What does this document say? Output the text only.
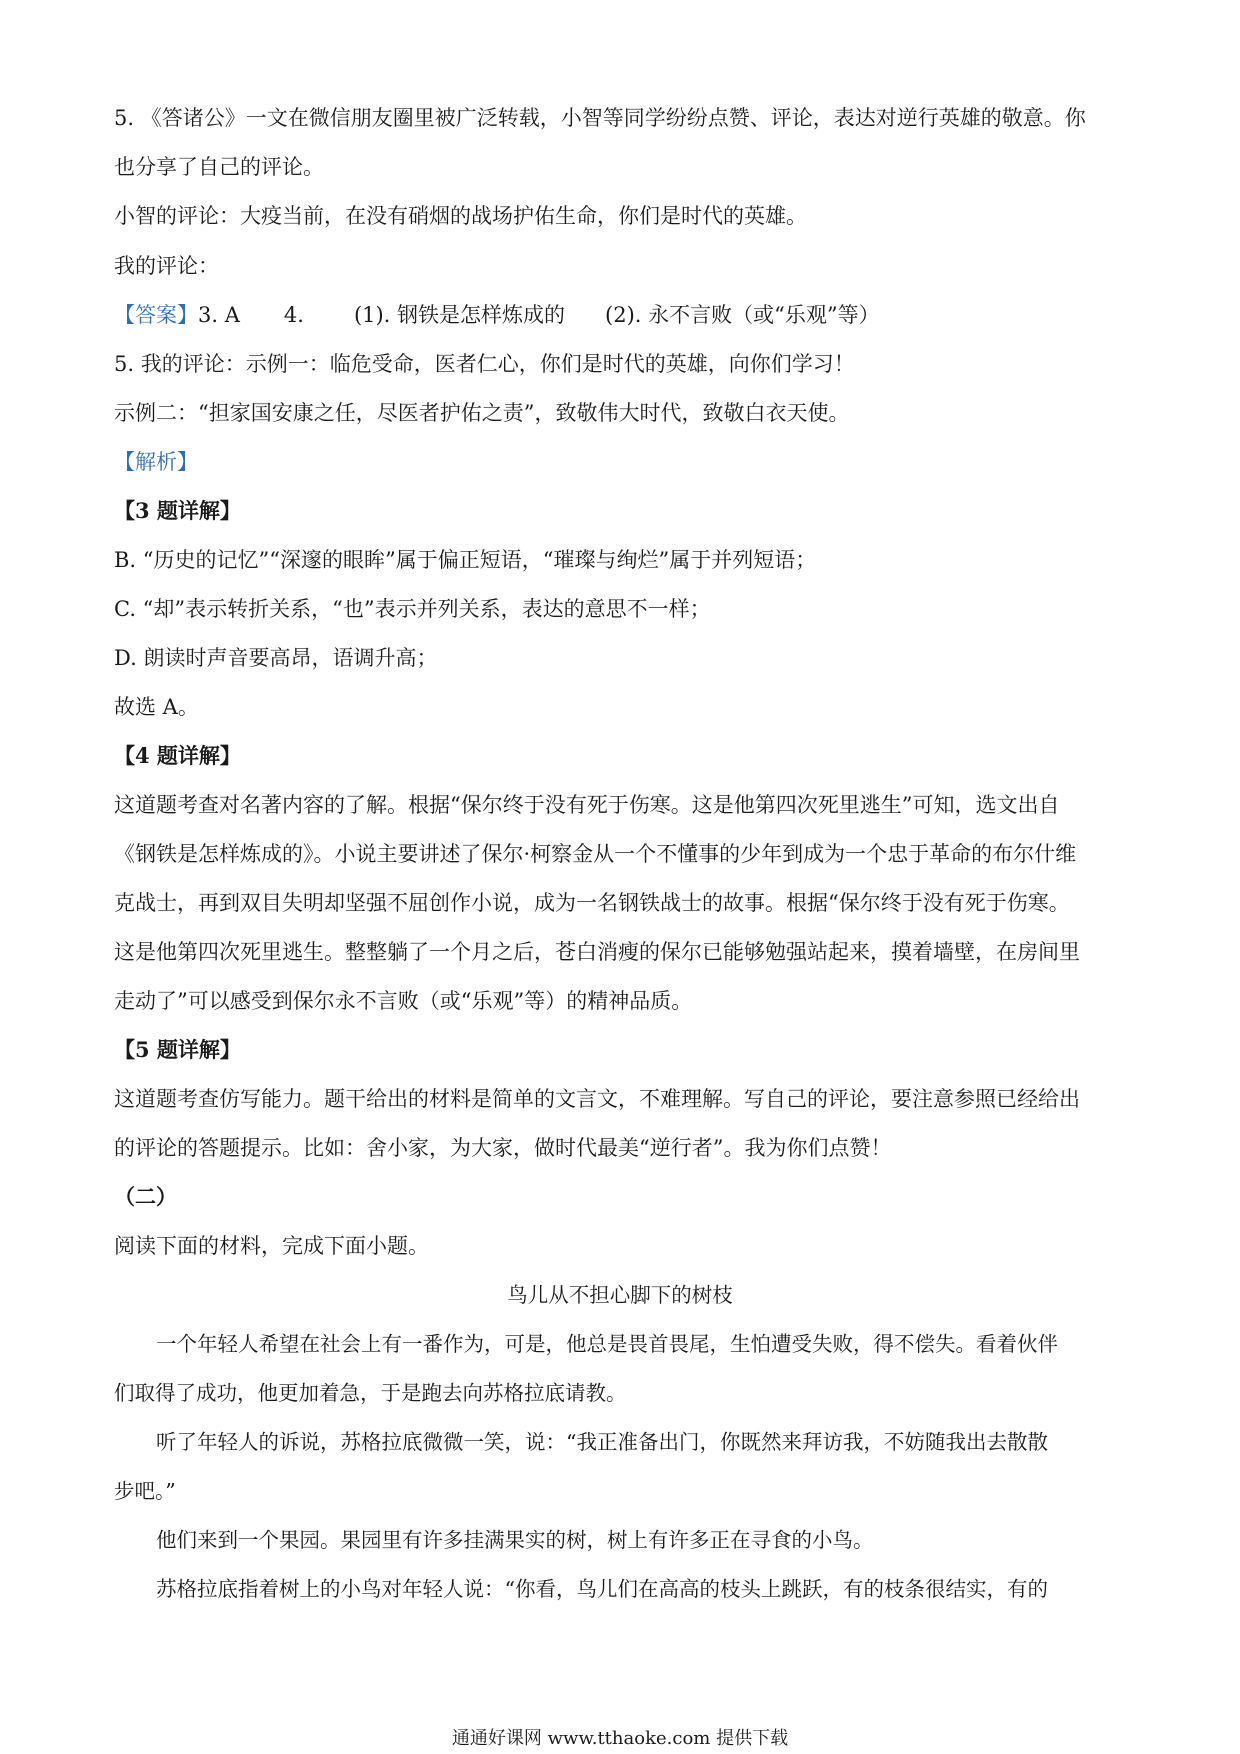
5. 《答诸公》一文在微信朋友圈里被广泛转载，小智等同学纷纷点赞、评论，表达对逆行英雄的敬意。你
也分享了自己的评论。
小智的评论：大疫当前，在没有硝烟的战场护佑生命，你们是时代的英雄。
我的评论：
【答案】3. A 4. (1). 钢铁是怎样炼成的 (2). 永不言败（或“乐观”等）
5. 我的评论：示例一：临危受命，医者仁心，你们是时代的英雄，向你们学习！
示例二：“担家国安康之任，尽医者护佑之责”，致敬伟大时代，致敬白衣天使。
【解析】
【3 题详解】
B. “历史的记忆”“深邃的眼眸”属于偏正短语，“璀璨与绚烂”属于并列短语；
C. “却”表示转折关系，“也”表示并列关系，表达的意思不一样；
D. 朗读时声音要高昂，语调升高；
故选 A。
【4 题详解】
这道题考查对名著内容的了解。根据“保尔终于没有死于伤寒。这是他第四次死里逃生”可知，选文出自
《钢铁是怎样炼成的》。小说主要讲述了保尔·柯察金从一个不懂事的少年到成为一个忠于革命的布尔什维
克战士，再到双目失明却坚强不屈创作小说，成为一名钢铁战士的故事。根据“保尔终于没有死于伤寒。
这是他第四次死里逃生。整整躺了一个月之后，苍白消瘦的保尔已能够勉强站起来，摸着墙壁，在房间里
走动了”可以感受到保尔永不言败（或“乐观”等）的精神品质。
【5 题详解】
这道题考查仿写能力。题干给出的材料是简单的文言文，不难理解。写自己的评论，要注意参照已经给出
的评论的答题提示。比如：舍小家，为大家，做时代最美“逆行者”。我为你们点赞！
（二）
阅读下面的材料，完成下面小题。
鸟儿从不担心脚下的树枝
一个年轻人希望在社会上有一番作为，可是，他总是畏首畏尾，生怕遭受失败，得不偿失。看着伙伴
们取得了成功，他更加着急，于是跑去向苏格拉底请教。
听了年轻人的诉说，苏格拉底微微一笑，说：“我正准备出门，你既然来拜访我，不妨随我出去散散
步吧。”
他们来到一个果园。果园里有许多挂满果实的树，树上有许多正在寻食的小鸟。
苏格拉底指着树上的小鸟对年轻人说：“你看，鸟儿们在高高的枝头上跳跃，有的枝条很结实，有的
通通好课网 www.tthaoke.com 提供下载
